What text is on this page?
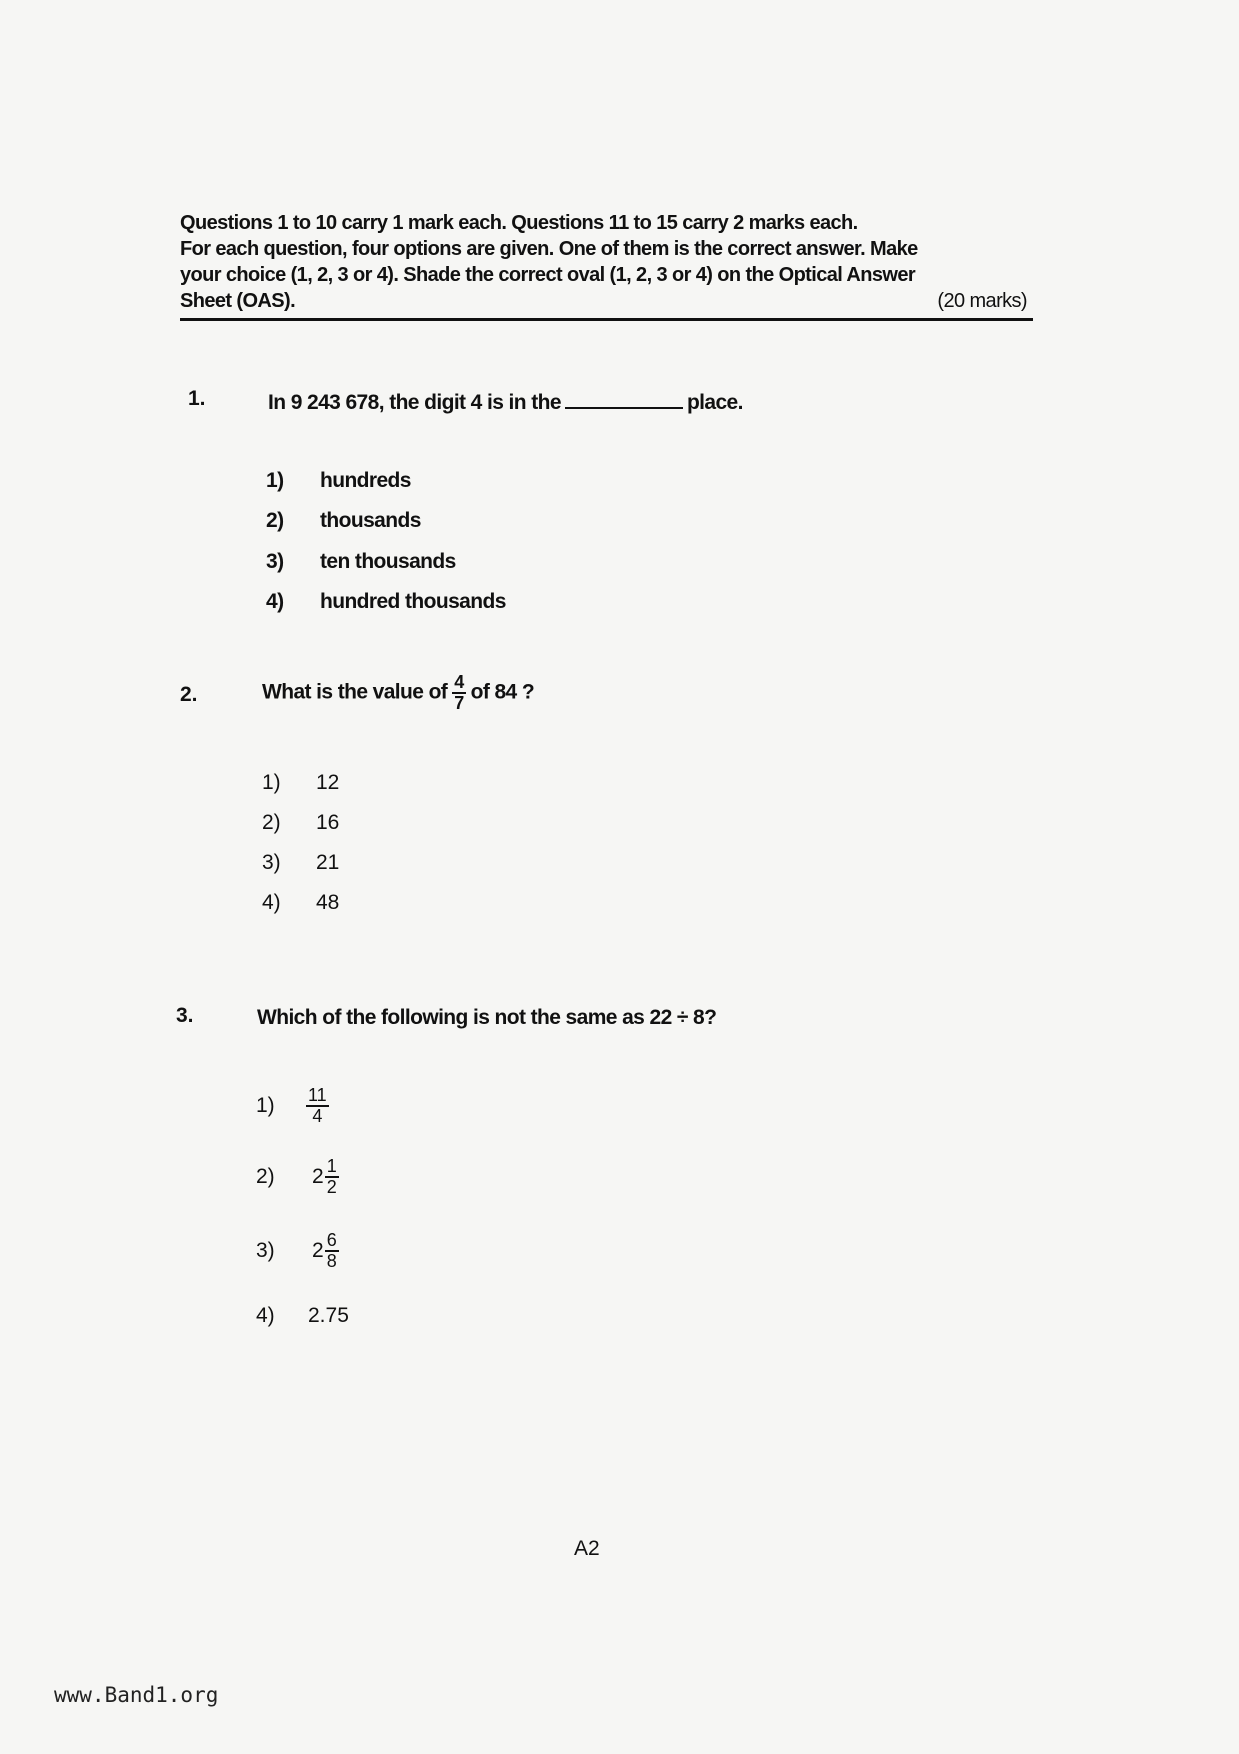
Questions 1 to 10 carry 1 mark each. Questions 11 to 15 carry 2 marks each.

For each question, four options are given. One of them is the correct answer. Make

your choice (1, 2, 3 or 4). Shade the correct oval (1, 2, 3 or 4) on the Optical Answer

Sheet (OAS).	(20 marks)
1.	In 9 243 678, the digit 4 is in the	place.
1) hundreds
2) thousands
3) ten thousands
4) hundred thousands
2.	What is the value of $\frac{4}{7}$ of 84 ?
1) 12
2) 16
3) 21
4) 48
3.	Which of the following is not the same as 22 ÷ 8?
$1) \frac{11}{4}$
2) $2 \frac{1}{2}$
3) $2 \frac{6}{8}$
4) 2.75
A2
www.Band1.org
